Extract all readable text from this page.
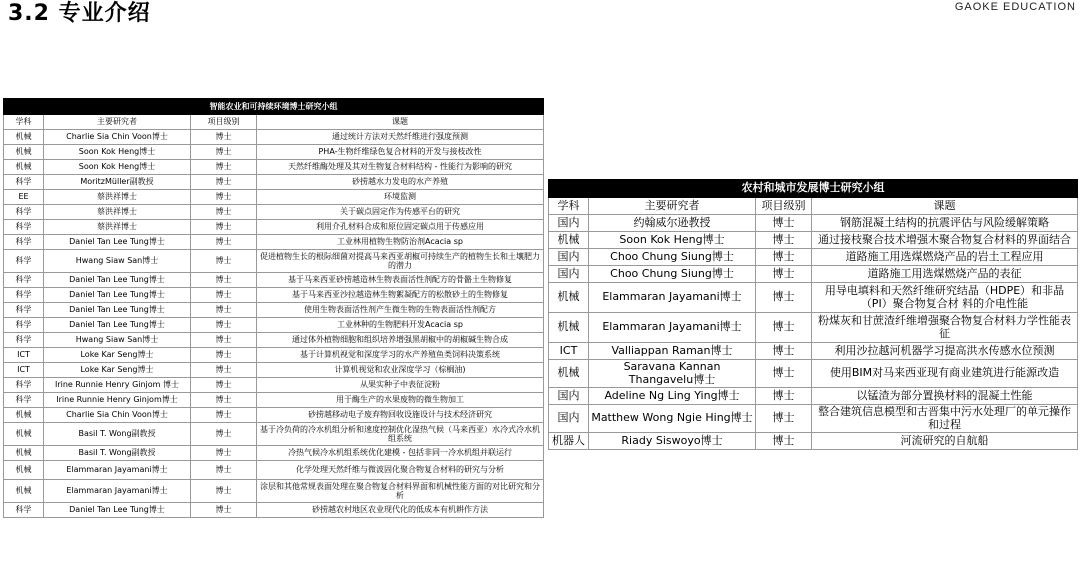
3.2 专业介绍	GAOKE EDUCATION
智能农业和可持续环境博士研究小组			
学科	主要研究者	项目级别	课题
机械	Charlie Sia Chin Voon博士	博士	通过统计方法对天然纤维进行强度预测
机械	Soon Kok Heng博士	博士	PHA-生物纤维绿色复合材料的开发与接枝改性
机械	Soon Kok Heng博士	博士	天然纤维酶处理及其对生物复合材料结构 - 性能行为影响的研究
科学	MoritzMüller副教授	博士	砂捞越水力发电的水产养殖
EE	蔡洪祥博士	博士	环境监测
科学	蔡洪祥博士	博士	关于碳点固定作为传感平台的研究
科学	蔡洪祥博士	博士	利用介孔材料合成和原位固定碳点用于传感应用
科学	Daniel Tan Lee Tung博士	博士	工业林用植物生物防治剂Acacia sp
科学	Hwang Siaw San博士	博士	促进植物生长的根际细菌对提高马来西亚胡椒可持续生产的植物生长和土壤肥力的潜力
科学	Daniel Tan Lee Tung博士	博士	基于马来西亚砂捞越造林生物表面活性剂配方的骨骼土生物修复
科学	Daniel Tan Lee Tung博士	博士	基于马来西亚沙拉越造林生物絮凝配方的松散砂土的生物修复
科学	Daniel Tan Lee Tung博士	博士	使用生物表面活性剂产生微生物的生物表面活性剂配方
科学	Daniel Tan Lee Tung博士	博士	工业林种的生物肥料开发Acacia sp
科学	Hwang Siaw San博士	博士	通过体外植物细胞和组织培养增强黑胡椒中的胡椒碱生物合成
ICT	Loke Kar Seng博士	博士	基于计算机视觉和深度学习的水产养殖鱼类饲料决策系统
ICT	Loke Kar Seng博士	博士	计算机视觉和农业深度学习（棕榈油)
科学	Irine Runnie Henry Ginjom 博士	博士	从果实种子中表征淀粉
科学	Irine Runnie Henry Ginjom博士	博士	用于酶生产的水果废物的微生物加工
机械	Charlie Sia Chin Voon博士	博士	砂捞越移动电子废弃物回收设施设计与技术经济研究
机械	Basil T. Wong副教授	博士	基于冷负荷的冷水机组分析和速度控制优化湿热气候（马来西亚）水冷式冷水机组系统
机械	Basil T. Wong副教授	博士	冷热气候冷水机组系统优化建模 - 包括非同一冷水机组并联运行
机械	Elammaran Jayamani博士	博士	化学处理天然纤维与微波固化聚合物复合材料的研究与分析
机械	Elammaran Jayamani博士	博士	涂层和其他常规表面处理在聚合物复合材料界面和机械性能方面的对比研究和分析
科学	Daniel Tan Lee Tung博士	博士	砂捞越农村地区农业现代化的低成本有机耕作方法
农村和城市发展博士研究小组			
学科	主要研究者	项目级别	课题
国内	约翰威尔逊教授	博士	钢筋混凝土结构的抗震评估与风险缓解策略
机械	Soon Kok Heng博士	博士	通过接枝聚合技术增强木聚合物复合材料的界面结合
国内	Choo Chung Siung博士	博士	道路施工用选煤燃烧产品的岩土工程应用
国内	Choo Chung Siung博士	博士	道路施工用选煤燃烧产品的表征
机械	Elammaran Jayamani博士	博士	用导电填料和天然纤维研究结晶（HDPE）和非晶（PI）聚合物复合材 料的介电性能
机械	Elammaran Jayamani博士	博士	粉煤灰和甘蔗渣纤维增强聚合物复合材料力学性能表征
ICT	Valliappan Raman博士	博士	利用沙拉越河机器学习提高洪水传感水位预测
机械	Saravana Kannan Thangavelu博士	博士	使用BIM对马来西亚现有商业建筑进行能源改造
国内	Adeline Ng Ling Ying博士	博士	以锰渣为部分置换材料的混凝土性能
国内	Matthew Wong Ngie Hing博士	博士	整合建筑信息模型和古晋集中污水处理厂的单元操作和过程
机器人	Riady Siswoyo博士	博士	河流研究的自航船
